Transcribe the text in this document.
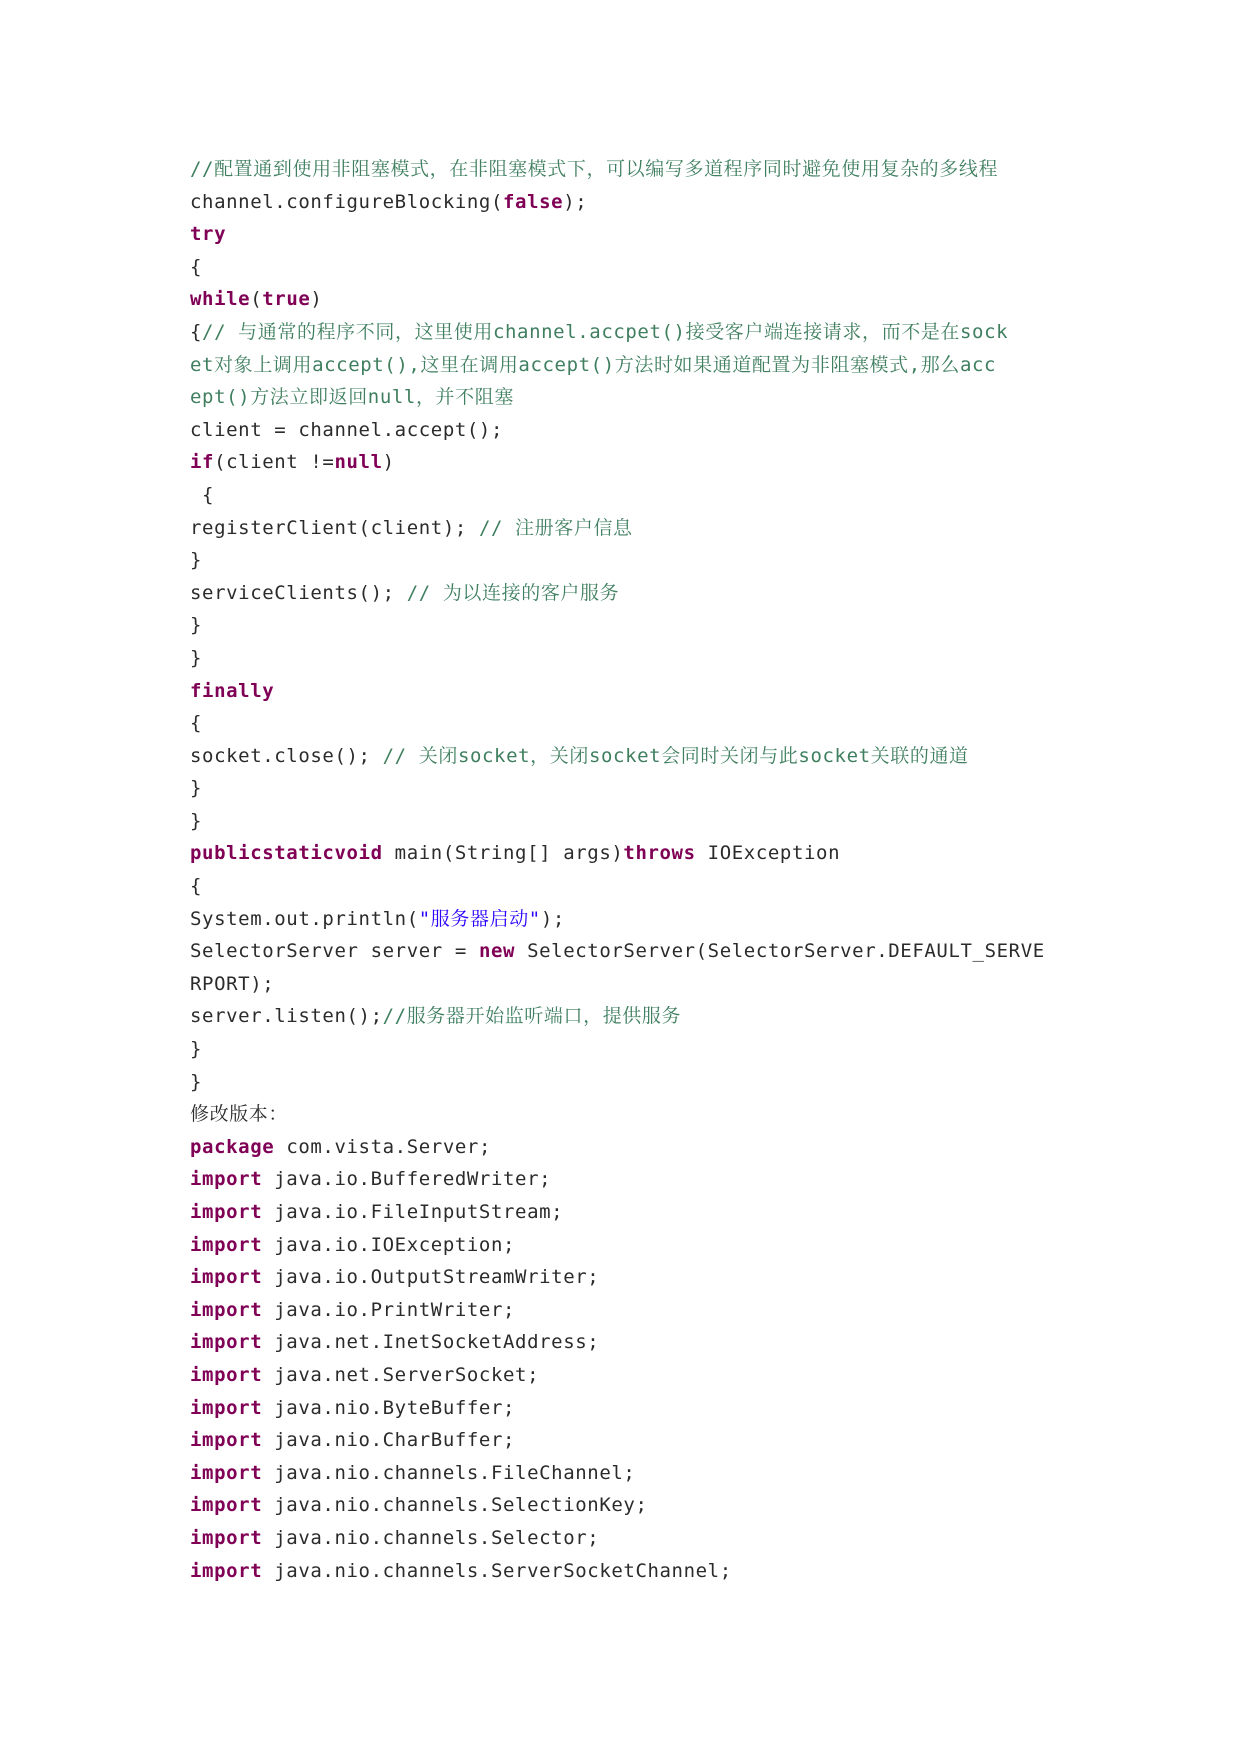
//配置通到使用非阻塞模式，在非阻塞模式下，可以编写多道程序同时避免使用复杂的多线程
channel.configureBlocking(false);
try
{
while(true)
{// 与通常的程序不同，这里使用channel.accpet()接受客户端连接请求，而不是在sock
et对象上调用accept(),这里在调用accept()方法时如果通道配置为非阻塞模式,那么acc
ept()方法立即返回null，并不阻塞
client = channel.accept();
if(client !=null)
{
registerClient(client); // 注册客户信息
}
serviceClients(); // 为以连接的客户服务
}
}
finally
{
socket.close(); // 关闭socket，关闭socket会同时关闭与此socket关联的通道
}
}
publicstaticvoid main(String[] args)throws IOException
{
System.out.println("服务器启动");
SelectorServer server = new SelectorServer(SelectorServer.DEFAULT_SERVE
RPORT);
server.listen();//服务器开始监听端口，提供服务
}
}
修改版本：
package com.vista.Server;
import java.io.BufferedWriter;
import java.io.FileInputStream;
import java.io.IOException;
import java.io.OutputStreamWriter;
import java.io.PrintWriter;
import java.net.InetSocketAddress;
import java.net.ServerSocket;
import java.nio.ByteBuffer;
import java.nio.CharBuffer;
import java.nio.channels.FileChannel;
import java.nio.channels.SelectionKey;
import java.nio.channels.Selector;
import java.nio.channels.ServerSocketChannel;
